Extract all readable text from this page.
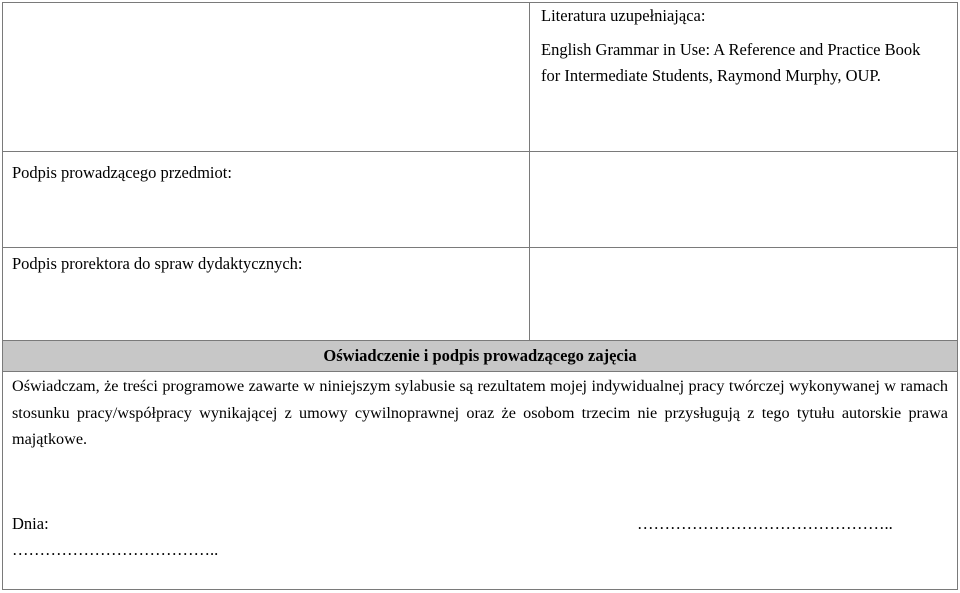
Literatura uzupełniająca:
English Grammar in Use: A Reference and Practice Book for Intermediate Students, Raymond Murphy, OUP.
Podpis prowadzącego przedmiot:
Podpis prorektora do spraw dydaktycznych:
Oświadczenie i podpis prowadzącego zajęcia
Oświadczam, że treści programowe zawarte w niniejszym sylabusie są rezultatem mojej indywidualnej pracy twórczej wykonywanej w ramach stosunku pracy/współpracy wynikającej z umowy cywilnoprawnej oraz że osobom trzecim nie przysługują z tego tytułu autorskie prawa majątkowe.
Dnia:	………………………………………..
………………………………..
